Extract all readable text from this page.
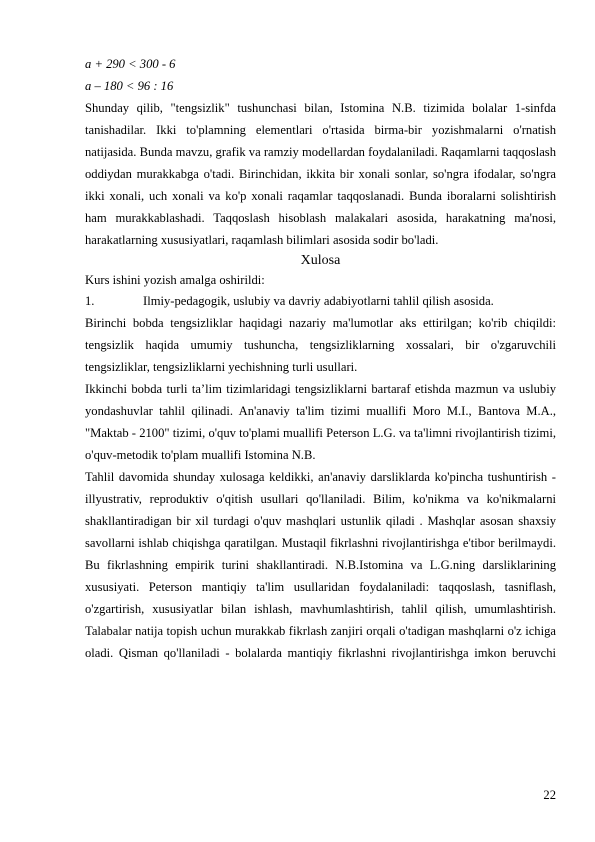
a + 290 < 300 - 6

a – 180 < 96 : 16

Shunday qilib, "tengsizlik" tushunchasi bilan, Istomina N.B. tizimida bolalar 1-sinfda tanishadilar. Ikki to'plamning elementlari o'rtasida birma-bir yozishmalarni o'rnatish natijasida. Bunda mavzu, grafik va ramziy modellardan foydalaniladi. Raqamlarni taqqoslash oddiydan murakkabga o'tadi. Birinchidan, ikkita bir xonali sonlar, so'ngra ifodalar, so'ngra ikki xonali, uch xonali va ko'p xonali raqamlar taqqoslanadi. Bunda iboralarni solishtirish ham murakkablashadi. Taqqoslash hisoblash malakalari asosida, harakatning ma'nosi, harakatlarning xususiyatlari, raqamlash bilimlari asosida sodir bo'ladi.

Xulosa

Kurs ishini yozish amalga oshirildi:

1.	Ilmiy-pedagogik, uslubiy va davriy adabiyotlarni tahlil qilish asosida.

Birinchi bobda tengsizliklar haqidagi nazariy ma'lumotlar aks ettirilgan; ko'rib chiqildi: tengsizlik haqida umumiy tushuncha, tengsizliklarning xossalari, bir o'zgaruvchili tengsizliklar, tengsizliklarni yechishning turli usullari.

Ikkinchi bobda turli ta’lim tizimlaridagi tengsizliklarni bartaraf etishda mazmun va uslubiy yondashuvlar tahlil qilinadi. An'anaviy ta'lim tizimi muallifi Moro M.I., Bantova M.A., "Maktab - 2100" tizimi, o'quv to'plami muallifi Peterson L.G. va ta'limni rivojlantirish tizimi, o'quv-metodik to'plam muallifi Istomina N.B.

Tahlil davomida shunday xulosaga keldikki, an'anaviy darsliklarda ko'pincha tushuntirish - illyustrativ, reproduktiv o'qitish usullari qo'llaniladi. Bilim, ko'nikma va ko'nikmalarni shakllantiradigan bir xil turdagi o'quv mashqlari ustunlik qiladi . Mashqlar asosan shaxsiy savollarni ishlab chiqishga qaratilgan. Mustaqil fikrlashni rivojlantirishga e'tibor berilmaydi. Bu fikrlashning empirik turini shakllantiradi. N.B.Istomina va L.G.ning darsliklarining xususiyati. Peterson mantiqiy ta'lim usullaridan foydalaniladi: taqqoslash, tasniflash, o'zgartirish, xususiyatlar bilan ishlash, mavhumlashtirish, tahlil qilish, umumlashtirish. Talabalar natija topish uchun murakkab fikrlash zanjiri orqali o'tadigan mashqlarni o'z ichiga oladi. Qisman qo'llaniladi - bolalarda mantiqiy fikrlashni rivojlantirishga imkon beruvchi

22
